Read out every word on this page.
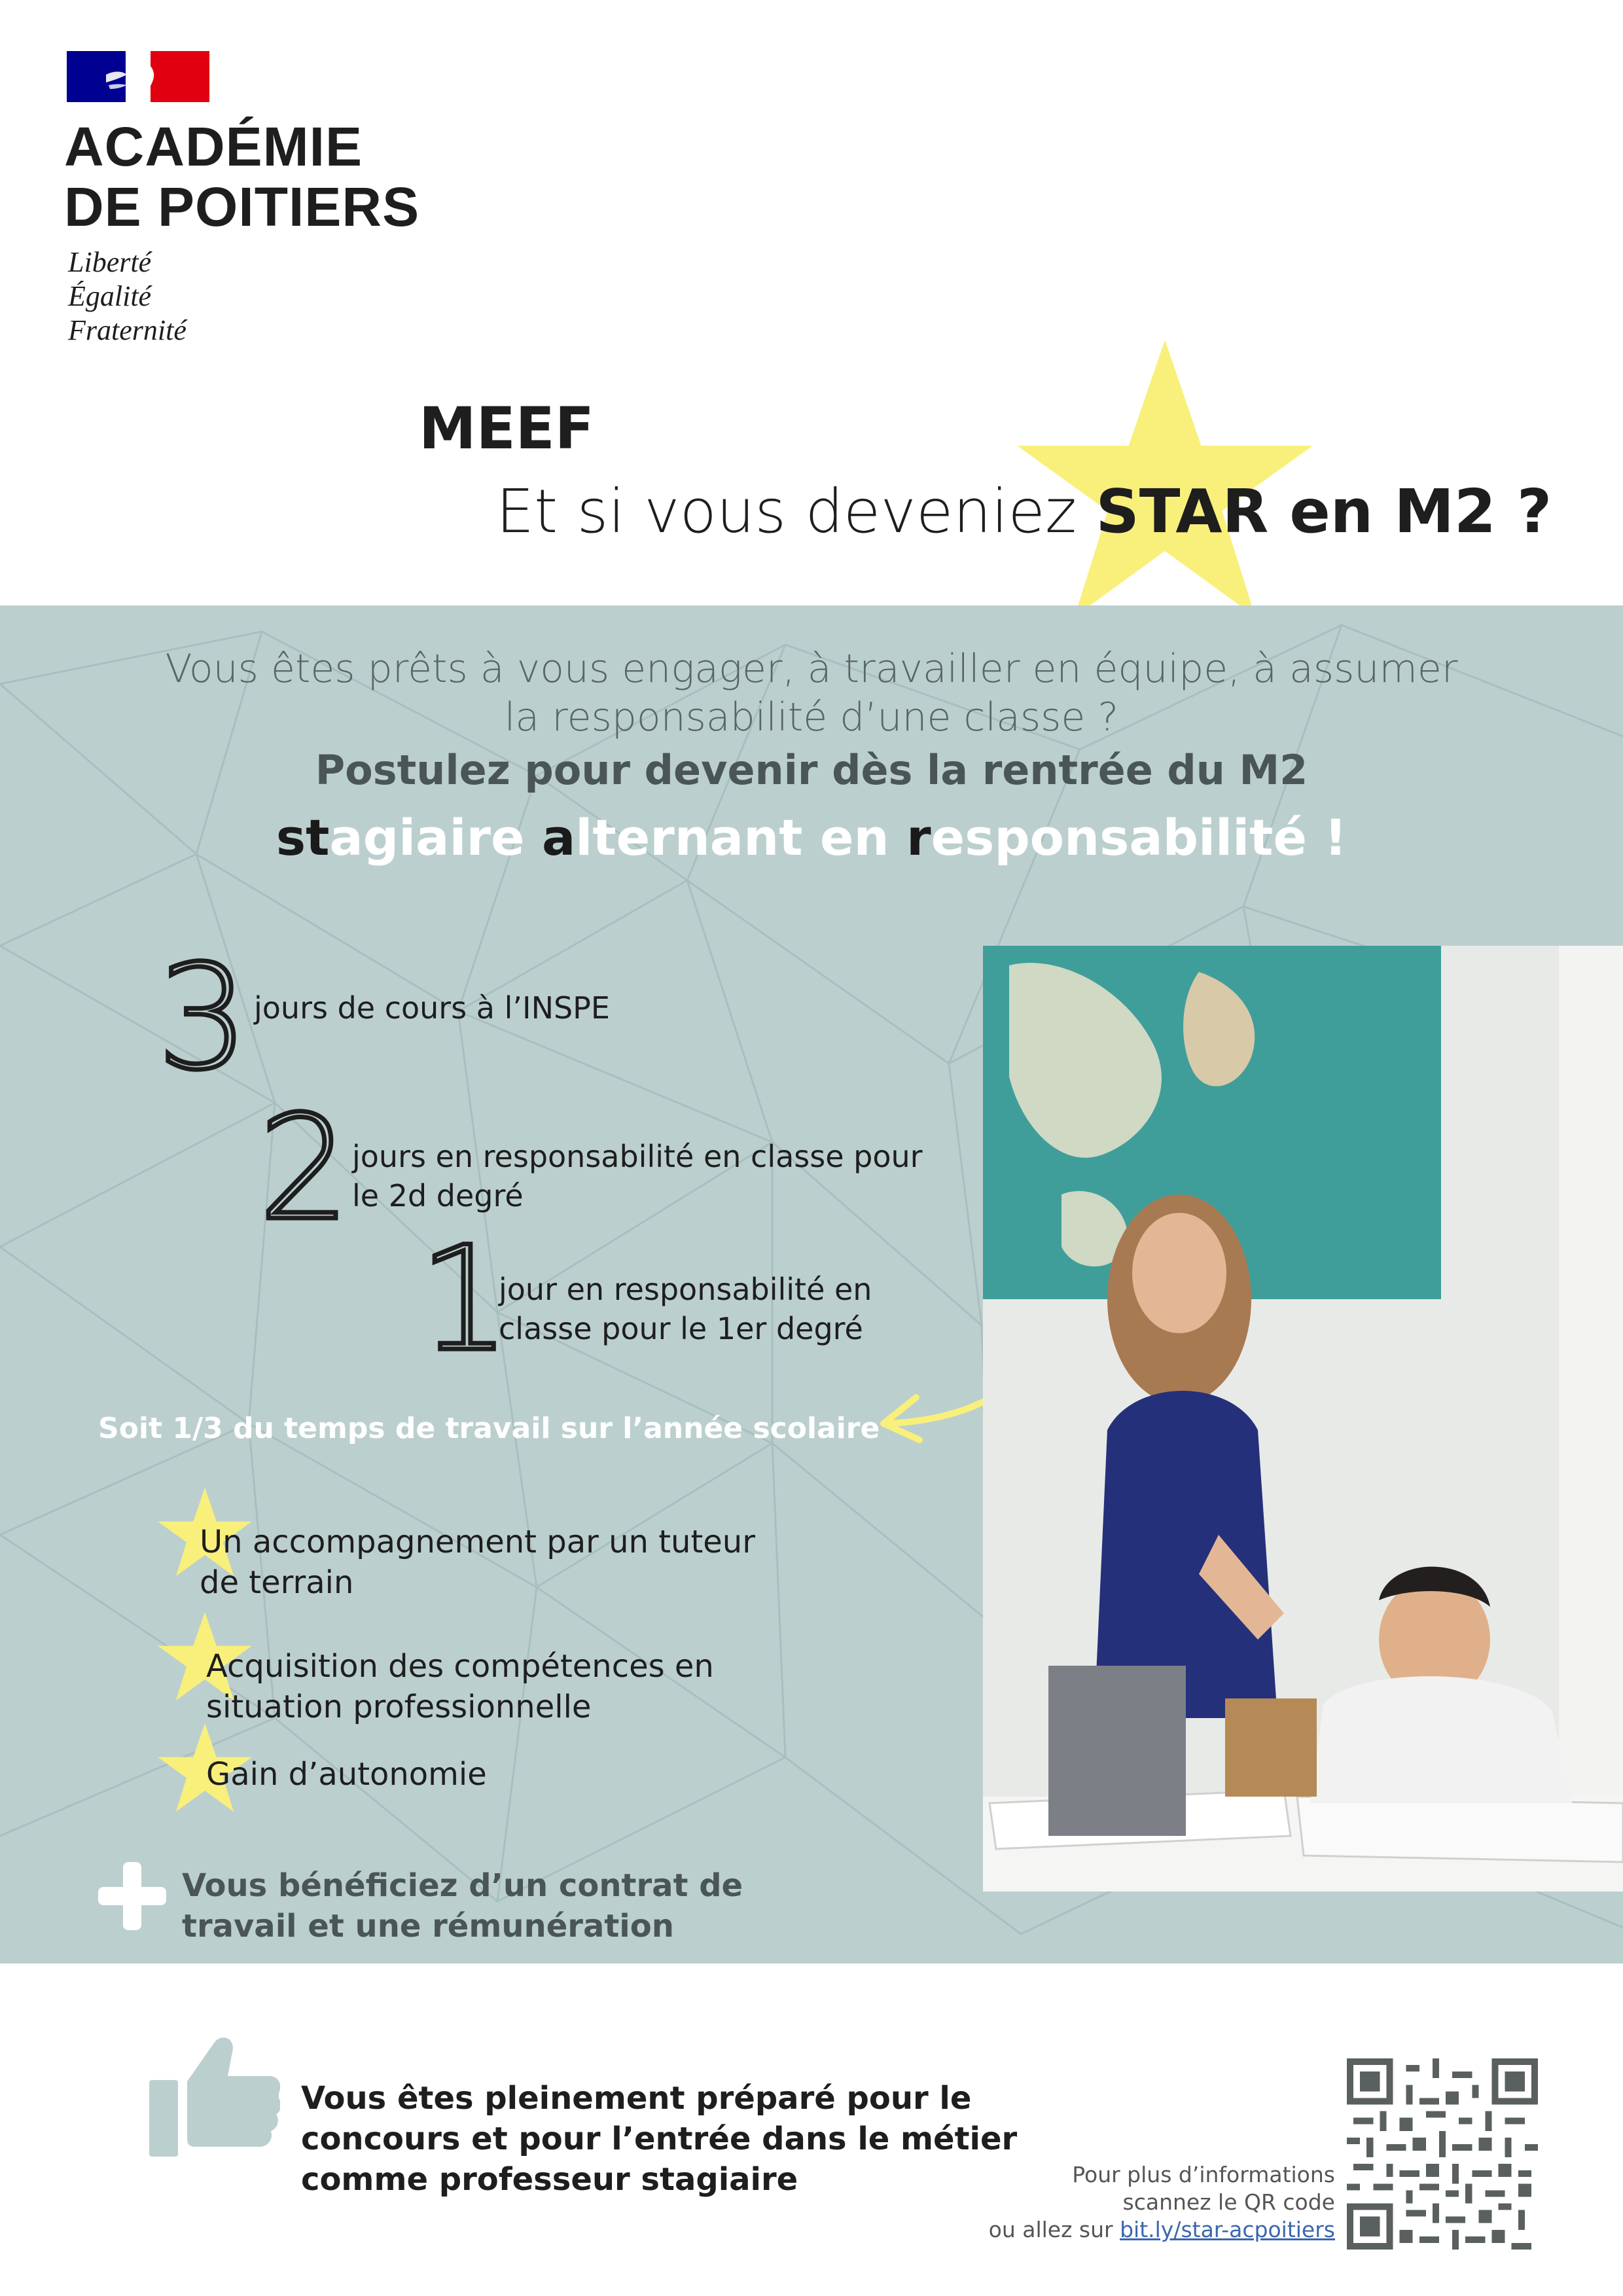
ACADÉMIE
DE POITIERS
Liberté
Égalité
Fraternité
MEEF
Et si vous deveniez STAR en M2 ?
Vous êtes prêts à vous engager, à travailler en équipe, à assumer
la responsabilité d’une classe ?
Postulez pour devenir dès la rentrée du M2
stagiaire alternant en responsabilité !
3 jours de cours à l’INSPE
2 jours en responsabilité en classe pour
le 2d degré
1
jour en responsabilité en
classe pour le 1er degré
Soit 1/3 du temps de travail sur l’année scolaire
Un accompagnement par un tuteur
de terrain
Acquisition des compétences en
situation professionnelle
Gain d’autonomie
Vous bénéficiez d’un contrat de
travail et une rémunération
Vous êtes pleinement préparé pour le
concours et pour l’entrée dans le métier
comme professeur stagiaire	Pour plus d’informations
scannez le QR code
ou allez sur bit.ly/star-acpoitiers
